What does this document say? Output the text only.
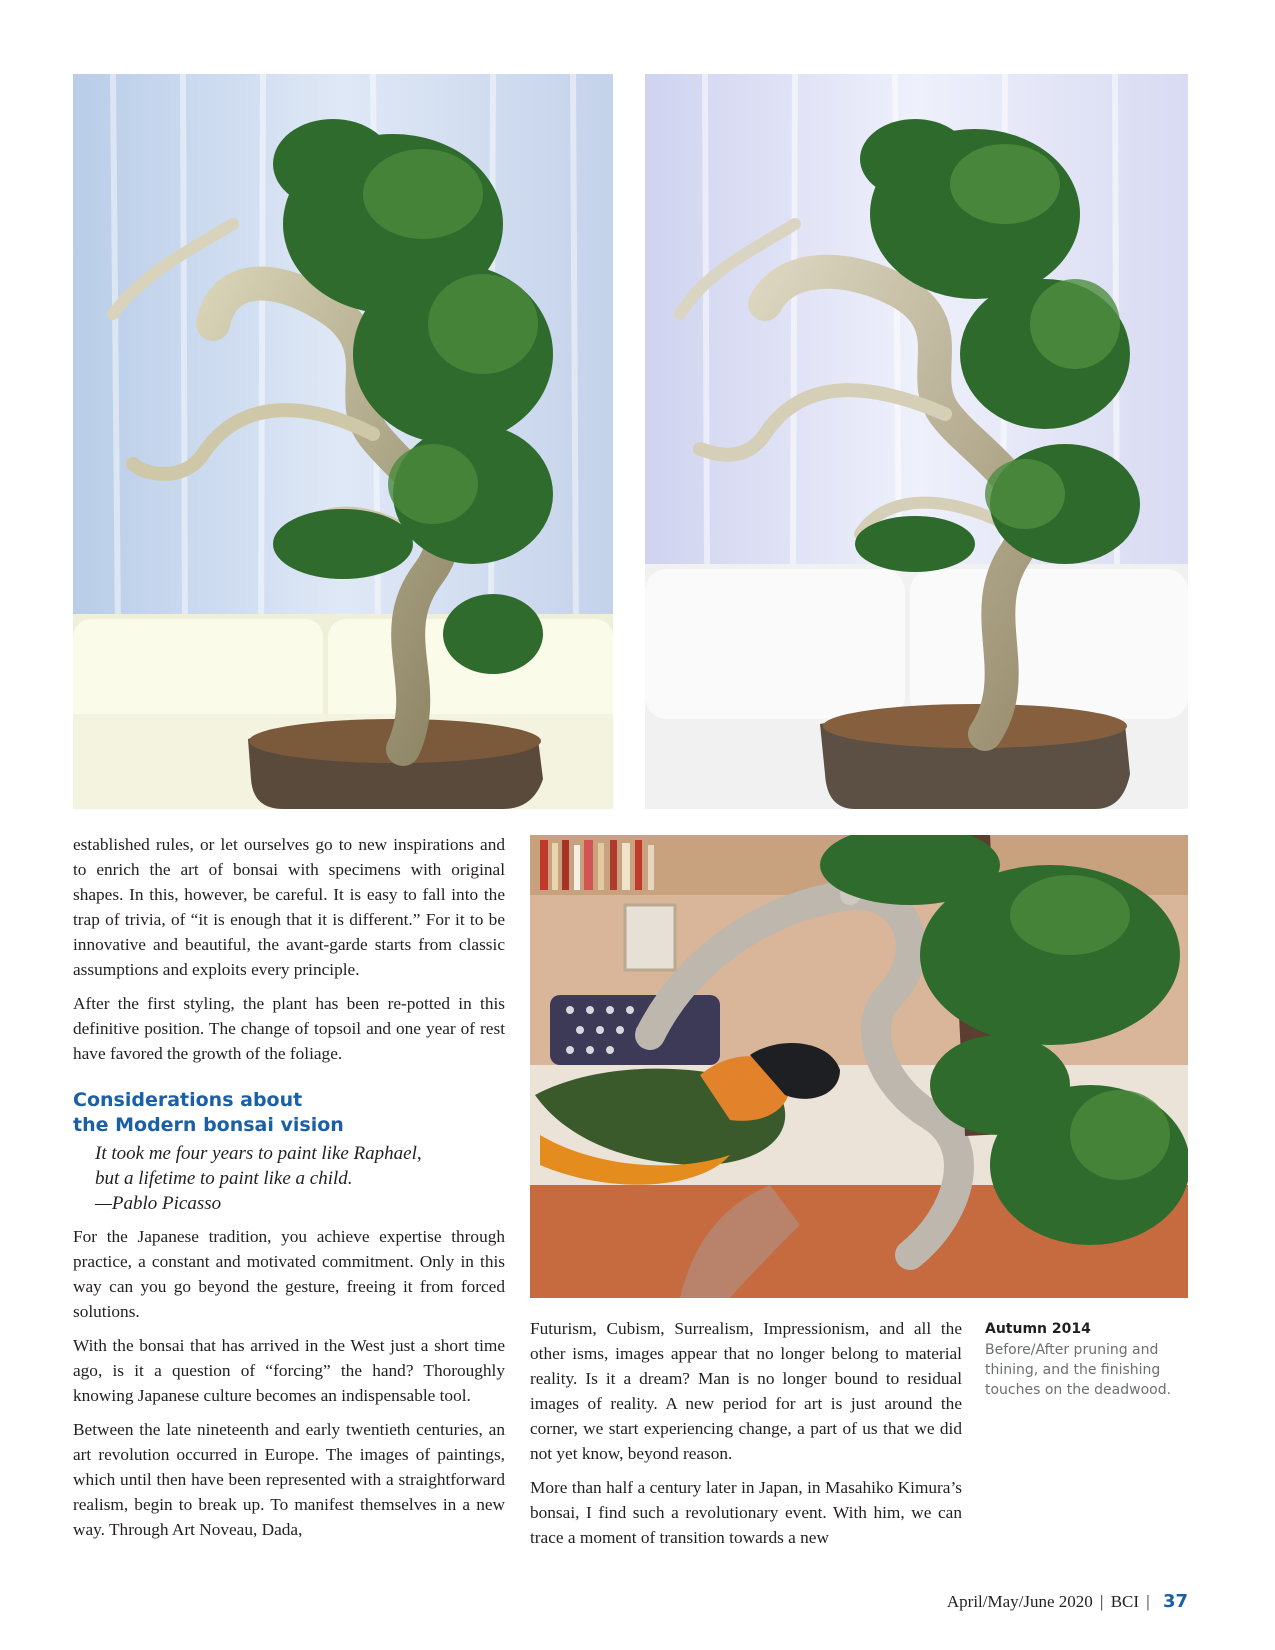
established rules, or let ourselves go to new inspirations and to enrich the art of bonsai with specimens with original shapes. In this, however, be careful. It is easy to fall into the trap of trivia, of “it is enough that it is different.” For it to be innovative and beautiful, the avant-garde starts from classic assumptions and exploits every principle.

After the first styling, the plant has been re-potted in this definitive position. The change of topsoil and one year of rest have favored the growth of the foliage.

Considerations about
the Modern bonsai vision
It took me four years to paint like Raphael,
but a lifetime to paint like a child.
—Pablo Picasso

For the Japanese tradition, you achieve expertise through practice, a constant and motivated commitment. Only in this way can you go beyond the gesture, freeing it from forced solutions.

With the bonsai that has arrived in the West just a short time ago, is it a question of “forcing” the hand? Thoroughly knowing Japanese culture becomes an indispensable tool.

Between the late nineteenth and early twentieth centuries, an art revolution occurred in Europe. The images of paintings, which until then have been represented with a straightforward realism, begin to break up. To manifest themselves in a new way. Through Art Noveau, Dada,

Futurism, Cubism, Surrealism, Impressionism, and all the other isms, images appear that no longer belong to material reality. Is it a dream? Man is no longer bound to residual images of reality. A new period for art is just around the corner, we start experiencing change, a part of us that we did not yet know, beyond reason.

More than half a century later in Japan, in Masahiko Kimura’s bonsai, I find such a revolutionary event. With him, we can trace a moment of transition towards a new

Autumn 2014
Before/After pruning and thining, and the finishing touches on the deadwood.
April/May/June 2020 | BCI | 37
